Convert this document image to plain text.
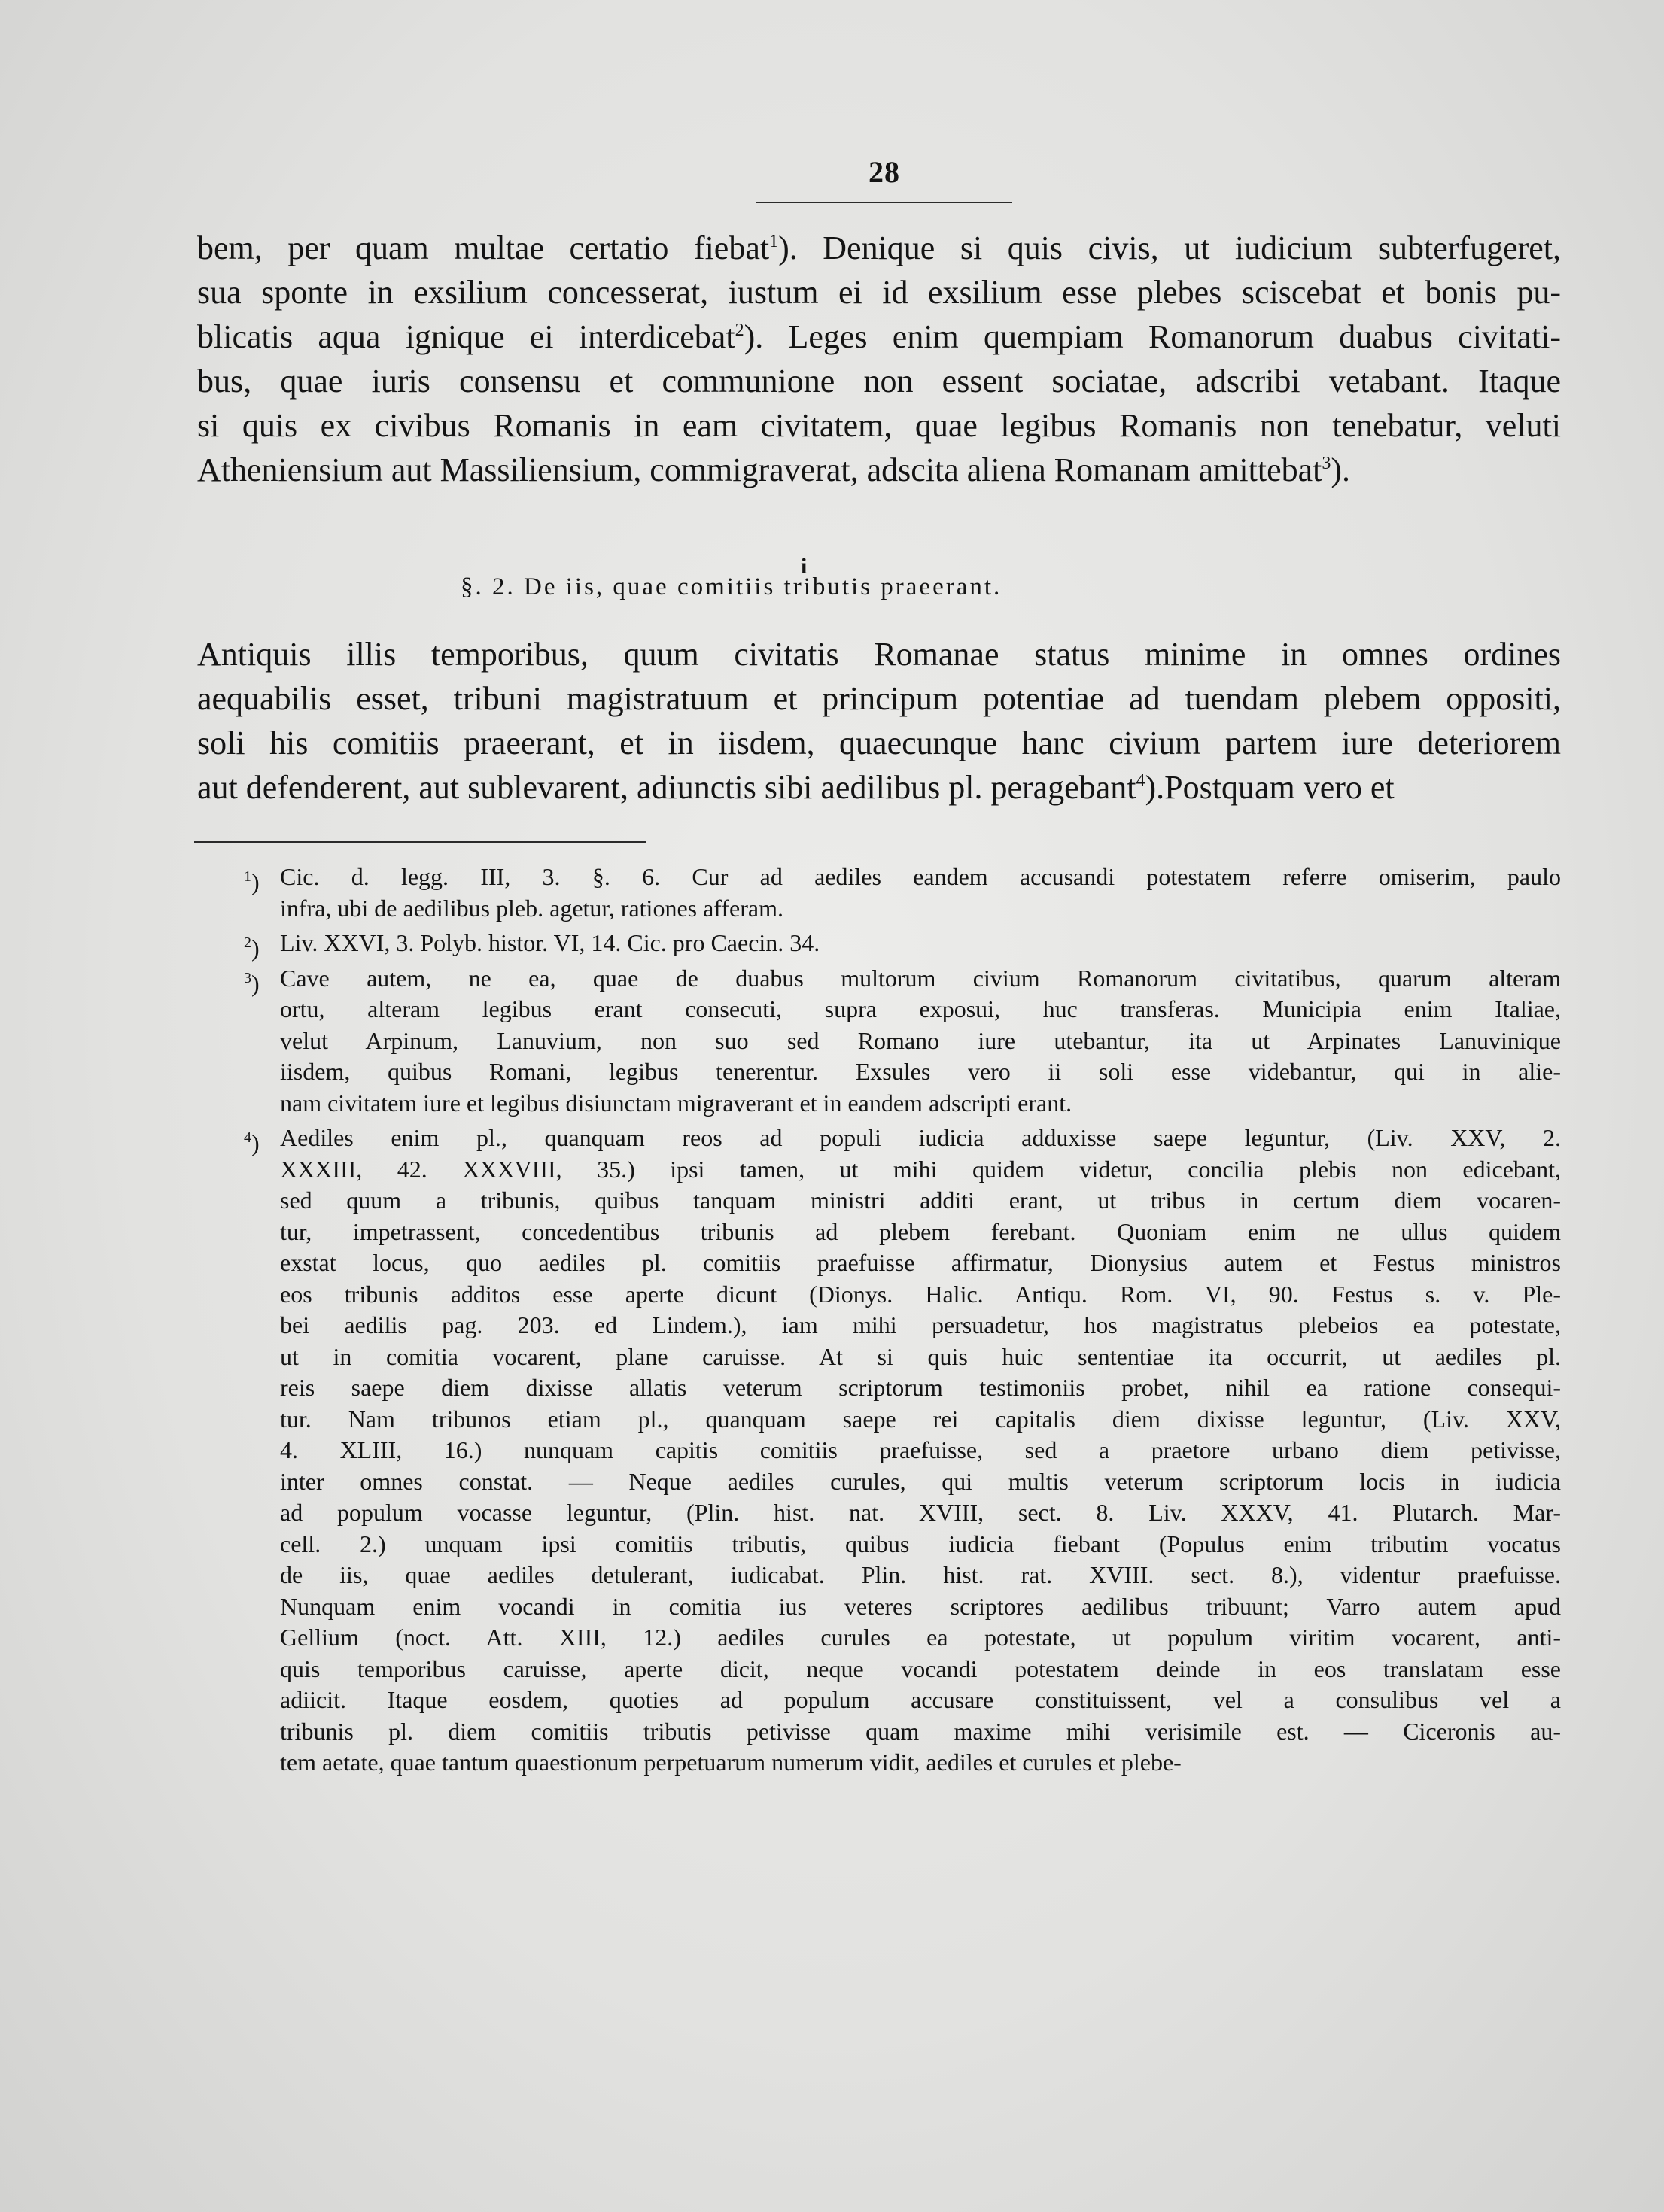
28
bem, per quam multae certatio fiebat$^1$). Denique si quis civis, ut iudicium subterfugeret,
sua sponte in exsilium concesserat, iustum ei id exsilium esse plebes sciscebat et bonis pu-
blicatis aqua ignique ei interdicebat$^2$). Leges enim quempiam Romanorum duabus civitati-
bus, quae iuris consensu et communione non essent sociatae, adscribi vetabant. Itaque
si quis ex civibus Romanis in eam civitatem, quae legibus Romanis non tenebatur, veluti
Atheniensium aut Massiliensium, commigraverat, adscita aliena Romanam amittebat$^3$).
i
§. 2. De iis, quae comitiis tributis praeerant.
Antiquis illis temporibus, quum civitatis Romanae status minime in omnes ordines
aequabilis esset, tribuni magistratuum et principum potentiae ad tuendam plebem oppositi,
soli his comitiis praeerant, et in iisdem, quaecunque hanc civium partem iure deteriorem
aut defenderent, aut sublevarent, adiunctis sibi aedilibus pl. peragebant$^4$).Postquam vero et
$^1$) Cic. d. legg. III, 3. §. 6. Cur ad aediles eandem accusandi potestatem referre omiserim, paulo
infra, ubi de aedilibus pleb. agetur, rationes afferam.
$^2$) Liv. XXVI, 3. Polyb. histor. VI, 14. Cic. pro Caecin. 34.
$^3$) Cave autem, ne ea, quae de duabus multorum civium Romanorum civitatibus, quarum alteram
ortu, alteram legibus erant consecuti, supra exposui, huc transferas. Municipia enim Italiae,
velut Arpinum, Lanuvium, non suo sed Romano iure utebantur, ita ut Arpinates Lanuvinique
iisdem, quibus Romani, legibus tenerentur. Exsules vero ii soli esse videbantur, qui in alie-
nam civitatem iure et legibus disiunctam migraverant et in eandem adscripti erant.
$^4$) Aediles enim pl., quanquam reos ad populi iudicia adduxisse saepe leguntur, (Liv. XXV, 2.
XXXIII, 42. XXXVIII, 35.) ipsi tamen, ut mihi quidem videtur, concilia plebis non edicebant,
sed quum a tribunis, quibus tanquam ministri additi erant, ut tribus in certum diem vocaren-
tur, impetrassent, concedentibus tribunis ad plebem ferebant. Quoniam enim ne ullus quidem
exstat locus, quo aediles pl. comitiis praefuisse affirmatur, Dionysius autem et Festus ministros
eos tribunis additos esse aperte dicunt (Dionys. Halic. Antiqu. Rom. VI, 90. Festus s. v. Ple-
bei aedilis pag. 203. ed Lindem.), iam mihi persuadetur, hos magistratus plebeios ea potestate,
ut in comitia vocarent, plane caruisse. At si quis huic sententiae ita occurrit, ut aediles pl.
reis saepe diem dixisse allatis veterum scriptorum testimoniis probet, nihil ea ratione consequi-
tur. Nam tribunos etiam pl., quanquam saepe rei capitalis diem dixisse leguntur, (Liv. XXV,
4. XLIII, 16.) nunquam capitis comitiis praefuisse, sed a praetore urbano diem petivisse,
inter omnes constat. — Neque aediles curules, qui multis veterum scriptorum locis in iudicia
ad populum vocasse leguntur, (Plin. hist. nat. XVIII, sect. 8. Liv. XXXV, 41. Plutarch. Mar-
cell. 2.) unquam ipsi comitiis tributis, quibus iudicia fiebant (Populus enim tributim vocatus
de iis, quae aediles detulerant, iudicabat. Plin. hist. rat. XVIII. sect. 8.), videntur praefuisse.
Nunquam enim vocandi in comitia ius veteres scriptores aedilibus tribuunt; Varro autem apud
Gellium (noct. Att. XIII, 12.) aediles curules ea potestate, ut populum viritim vocarent, anti-
quis temporibus caruisse, aperte dicit, neque vocandi potestatem deinde in eos translatam esse
adiicit. Itaque eosdem, quoties ad populum accusare constituissent, vel a consulibus vel a
tribunis pl. diem comitiis tributis petivisse quam maxime mihi verisimile est. — Ciceronis au-
tem aetate, quae tantum quaestionum perpetuarum numerum vidit, aediles et curules et plebe-
